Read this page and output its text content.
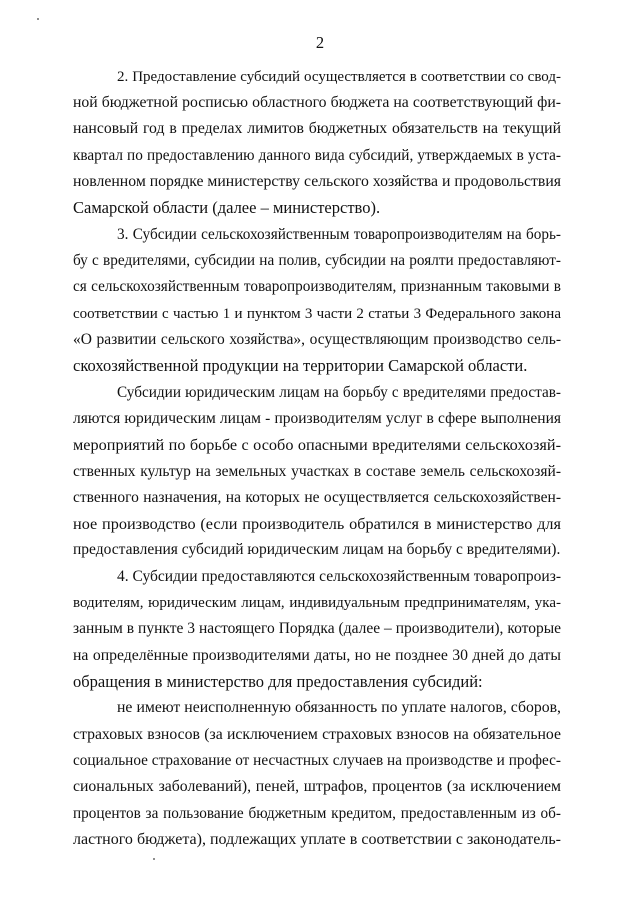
2
2. Предоставление субсидий осуществляется в соответствии со свод-
ной бюджетной росписью областного бюджета на соответствующий фи-
нансовый год в пределах лимитов бюджетных обязательств на текущий
квартал по предоставлению данного вида субсидий, утверждаемых в уста-
новленном порядке министерству сельского хозяйства и продовольствия
Самарской области (далее – министерство).
3. Субсидии сельскохозяйственным товаропроизводителям на борь-
бу с вредителями, субсидии на полив, субсидии на роялти предоставляют-
ся сельскохозяйственным товаропроизводителям, признанным таковыми в
соответствии с частью 1 и пунктом 3 части 2 статьи 3 Федерального закона
«О развитии сельского хозяйства», осуществляющим производство сель-
скохозяйственной продукции на территории Самарской области.
Субсидии юридическим лицам на борьбу с вредителями предостав-
ляются юридическим лицам - производителям услуг в сфере выполнения
мероприятий по борьбе с особо опасными вредителями сельскохозяй-
ственных культур на земельных участках в составе земель сельскохозяй-
ственного назначения, на которых не осуществляется сельскохозяйствен-
ное производство (если производитель обратился в министерство для
предоставления субсидий юридическим лицам на борьбу с вредителями).
4. Субсидии предоставляются сельскохозяйственным товаропроиз-
водителям, юридическим лицам, индивидуальным предпринимателям, ука-
занным в пункте 3 настоящего Порядка (далее – производители), которые
на определённые производителями даты, но не позднее 30 дней до даты
обращения в министерство для предоставления субсидий:
не имеют неисполненную обязанность по уплате налогов, сборов,
страховых взносов (за исключением страховых взносов на обязательное
социальное страхование от несчастных случаев на производстве и профес-
сиональных заболеваний), пеней, штрафов, процентов (за исключением
процентов за пользование бюджетным кредитом, предоставленным из об-
ластного бюджета), подлежащих уплате в соответствии с законодатель-
